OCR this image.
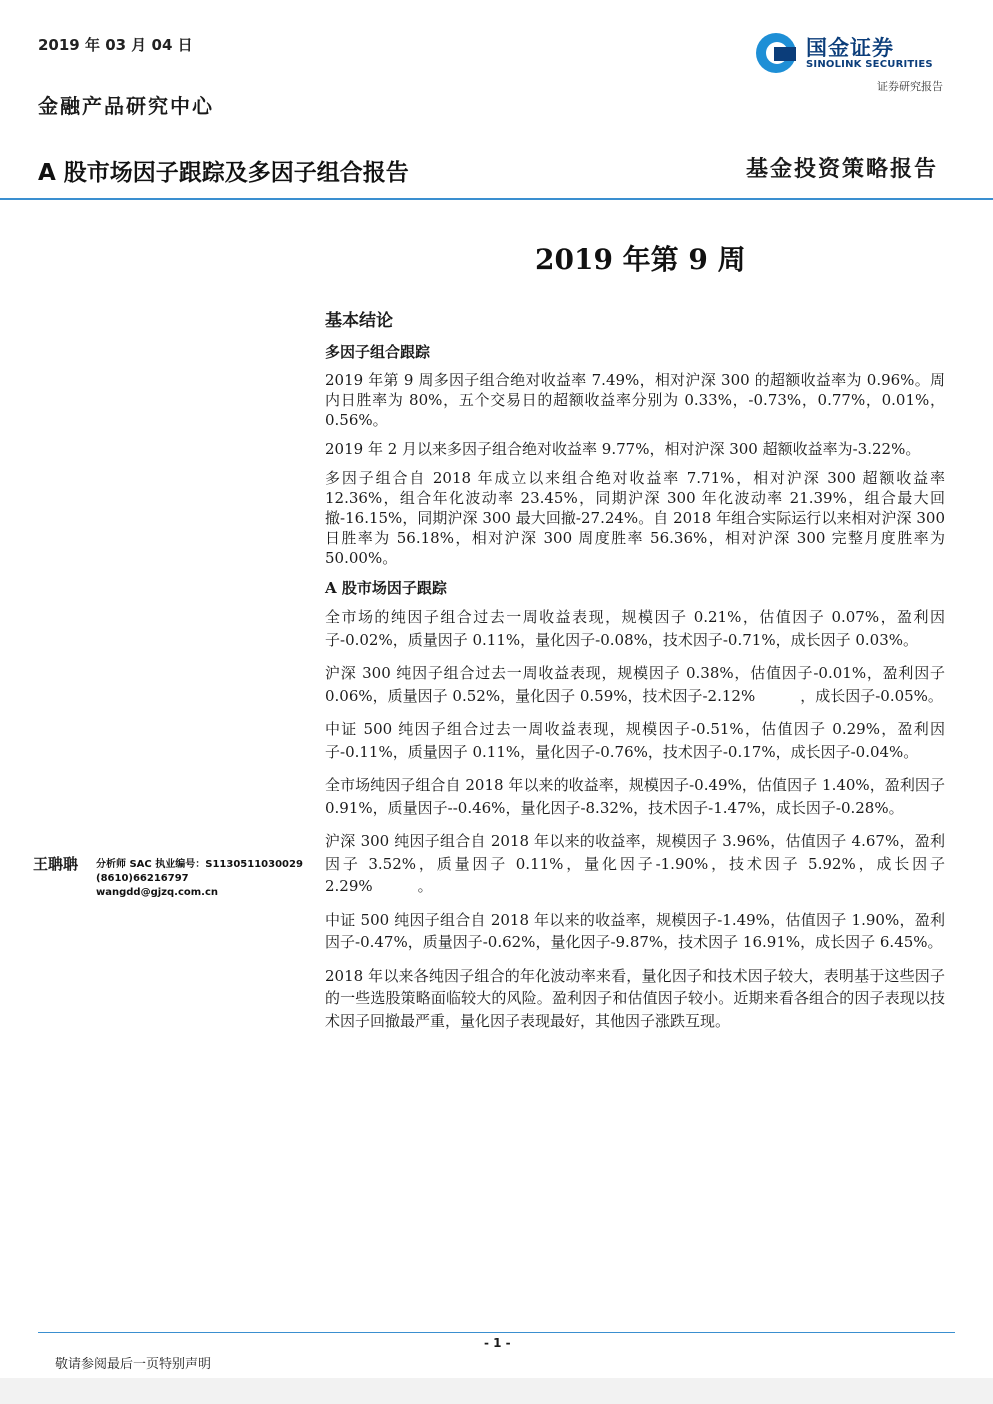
2019 年 03 月 04 日
金融产品研究中心
国金证券
SINOLINK SECURITIES
证券研究报告
A 股市场因子跟踪及多因子组合报告	基金投资策略报告
2019 年第 9 周
基本结论
多因子组合跟踪

2019 年第 9 周多因子组合绝对收益率 7.49%，相对沪深 300 的超额收益率为 0.96%。周内日胜率为 80%，五个交易日的超额收益率分别为 0.33%，-0.73%，0.77%，0.01%，0.56%。

2019 年 2 月以来多因子组合绝对收益率 9.77%，相对沪深 300 超额收益率为-3.22%。

多因子组合自 2018 年成立以来组合绝对收益率 7.71%，相对沪深 300 超额收益率 12.36%，组合年化波动率 23.45%，同期沪深 300 年化波动率 21.39%，组合最大回撤-16.15%，同期沪深 300 最大回撤-27.24%。自 2018 年组合实际运行以来相对沪深 300 日胜率为 56.18%，相对沪深 300 周度胜率 56.36%，相对沪深 300 完整月度胜率为 50.00%。

A 股市场因子跟踪

全市场的纯因子组合过去一周收益表现，规模因子 0.21%，估值因子 0.07%，盈利因子-0.02%，质量因子 0.11%，量化因子-0.08%，技术因子-0.71%，成长因子 0.03%。

沪深 300 纯因子组合过去一周收益表现，规模因子 0.38%，估值因子-0.01%，盈利因子 0.06%，质量因子 0.52%，量化因子 0.59%，技术因子-2.12%　　　，成长因子-0.05%。

中证 500 纯因子组合过去一周收益表现，规模因子-0.51%，估值因子 0.29%，盈利因子-0.11%，质量因子 0.11%，量化因子-0.76%，技术因子-0.17%，成长因子-0.04%。

全市场纯因子组合自 2018 年以来的收益率，规模因子-0.49%，估值因子 1.40%，盈利因子 0.91%，质量因子--0.46%，量化因子-8.32%，技术因子-1.47%，成长因子-0.28%。

沪深 300 纯因子组合自 2018 年以来的收益率，规模因子 3.96%，估值因子 4.67%，盈利因子 3.52%，质量因子 0.11%，量化因子-1.90%，技术因子 5.92%，成长因子 2.29%　　　。

中证 500 纯因子组合自 2018 年以来的收益率，规模因子-1.49%，估值因子 1.90%，盈利因子-0.47%，质量因子-0.62%，量化因子-9.87%，技术因子 16.91%，成长因子 6.45%。

2018 年以来各纯因子组合的年化波动率来看，量化因子和技术因子较大，表明基于这些因子的一些选股策略面临较大的风险。盈利因子和估值因子较小。近期来看各组合的因子表现以技术因子回撤最严重，量化因子表现最好，其他因子涨跌互现。

王聃聃 分析师 SAC 执业编号：S1130511030029
(8610)66216797
wangdd@gjzq.com.cn
- 1 -
敬请参阅最后一页特别声明
